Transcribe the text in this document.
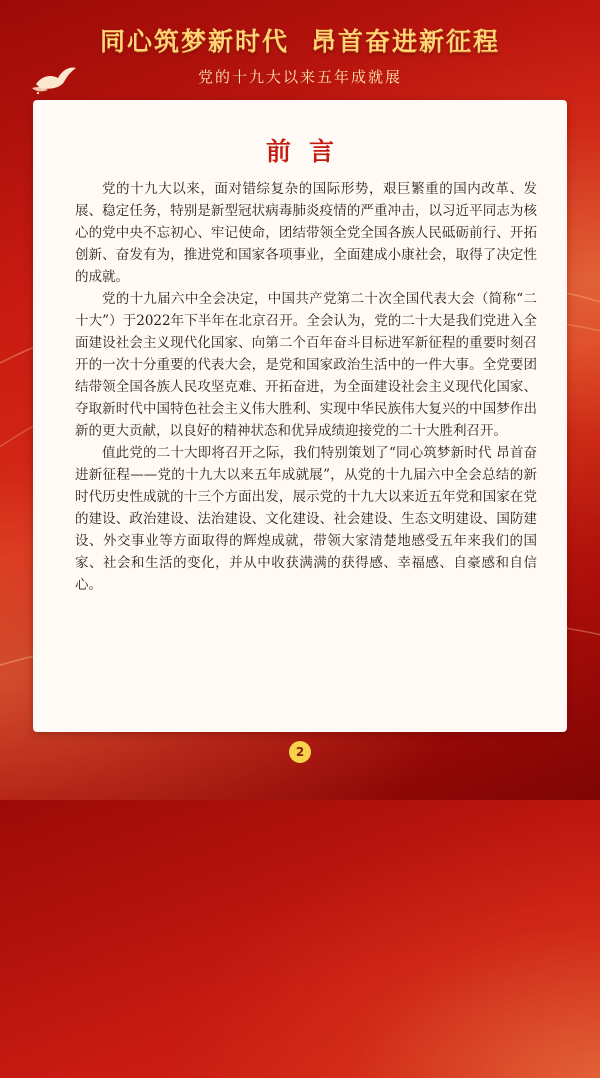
同心筑梦新时代 昂首奋进新征程
党的十九大以来五年成就展
前言

党的十九大以来，面对错综复杂的国际形势，艰巨繁重的国内改革、发展、稳定任务，特别是新型冠状病毒肺炎疫情的严重冲击，以习近平同志为核心的党中央不忘初心、牢记使命，团结带领全党全国各族人民砥砺前行、开拓创新、奋发有为，推进党和国家各项事业，全面建成小康社会，取得了决定性的成就。

党的十九届六中全会决定，中国共产党第二十次全国代表大会（简称“二十大”）于2022年下半年在北京召开。全会认为，党的二十大是我们党进入全面建设社会主义现代化国家、向第二个百年奋斗目标进军新征程的重要时刻召开的一次十分重要的代表大会，是党和国家政治生活中的一件大事。全党要团结带领全国各族人民攻坚克难、开拓奋进，为全面建设社会主义现代化国家、夺取新时代中国特色社会主义伟大胜利、实现中华民族伟大复兴的中国梦作出新的更大贡献，以良好的精神状态和优异成绩迎接党的二十大胜利召开。

值此党的二十大即将召开之际，我们特别策划了“同心筑梦新时代 昂首奋进新征程——党的十九大以来五年成就展”，从党的十九届六中全会总结的新时代历史性成就的十三个方面出发，展示党的十九大以来近五年党和国家在党的建设、政治建设、法治建设、文化建设、社会建设、生态文明建设、国防建设、外交事业等方面取得的辉煌成就，带领大家清楚地感受五年来我们的国家、社会和生活的变化，并从中收获满满的获得感、幸福感、自豪感和自信心。

2
